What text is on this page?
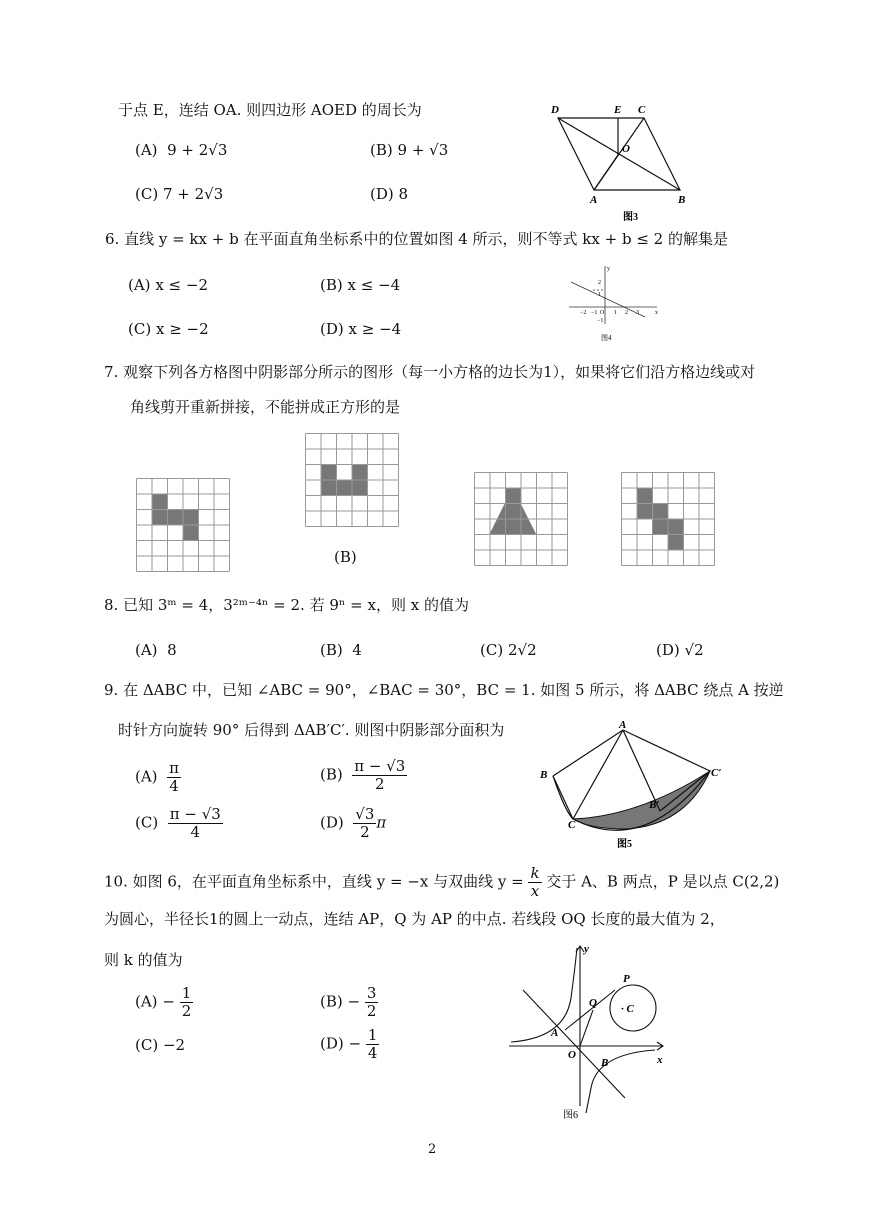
于点 E，连结 OA. 则四边形 AOED 的周长为
(A) 9 + 2√3	(B) 9 + √3
(C) 7 + 2√3	(D) 8
D	E C
O
A	B
图3
6. 直线 y = kx + b 在平面直角坐标系中的位置如图 4 所示，则不等式 kx + b ≤ 2 的解集是
(A) x ≤ −2	(B) x ≤ −4
(C) x ≥ −2	(D) x ≥ −4
y
x
−2 −1 O 1 2 3
2
1
−1
图4
7. 观察下列各方格图中阴影部分所示的图形（每一小方格的边长为1），如果将它们沿方格边线或对
角线剪开重新拼接，不能拼成正方形的是
(B)
8. 已知 3ᵐ = 4，3²ᵐ⁻⁴ⁿ = 2. 若 9ⁿ = x，则 x 的值为
(A) 8	(B) 4	(C) 2√2	(D) √2
9. 在 ΔABC 中，已知 ∠ABC = 90°，∠BAC = 30°，BC = 1. 如图 5 所示，将 ΔABC 绕点 A 按逆
时针方向旋转 90° 后得到 ΔAB′C′. 则图中阴影部分面积为
$(A) \frac{\pi}{4}$	$(B) \frac{\pi - √3}{2}$
$(C) \frac{\pi - √3}{4}$	$(D) \frac{√3}{2}$ π
A
B	C′
B′
C
图5
10. 如图 6，在平面直角坐标系中，直线 y = −x 与双曲线 $y = \frac{k}{x}$ 交于 A、B 两点，P 是以点 C(2,2)
为圆心，半径长1的圆上一动点，连结 AP，Q 为 AP 的中点. 若线段 OQ 长度的最大值为 2，
则 k 的值为
$(A) - \frac{1}{2}$	$(B) - \frac{3}{2}$
(C) −2	$(D) - \frac{1}{4}$
y
P
Q · C
A
O
B	x
图6
2
